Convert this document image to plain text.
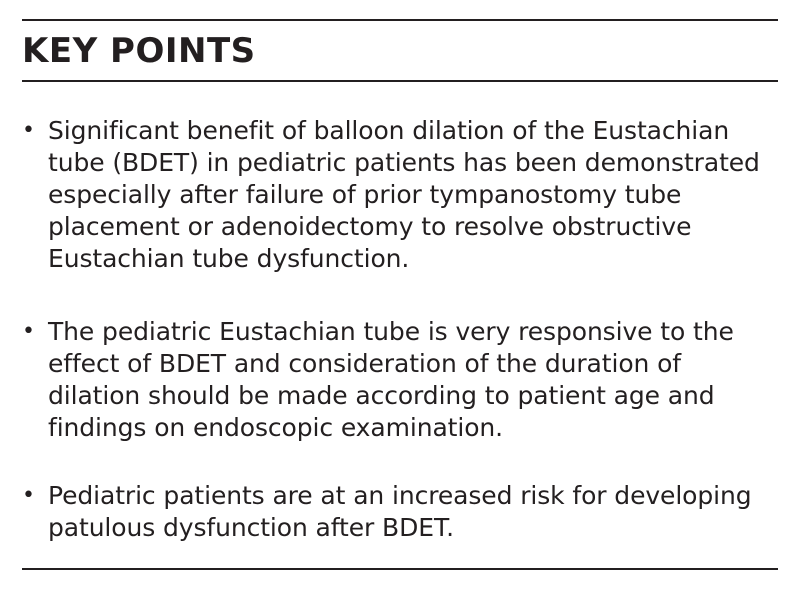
KEY POINTS
• Significant benefit of balloon dilation of the Eustachian tube (BDET) in pediatric patients has been demonstrated especially after failure of prior tympanostomy tube placement or adenoidectomy to resolve obstructive Eustachian tube dysfunction.
• The pediatric Eustachian tube is very responsive to the effect of BDET and consideration of the duration of dilation should be made according to patient age and findings on endoscopic examination.
• Pediatric patients are at an increased risk for developing patulous dysfunction after BDET.
